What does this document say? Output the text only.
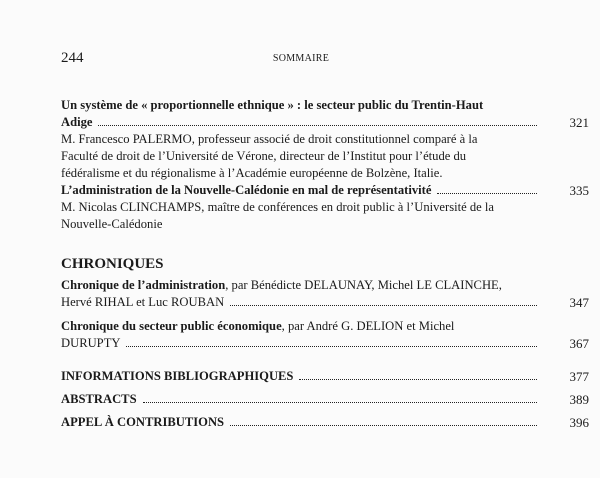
244	SOMMAIRE
Un système de « proportionnelle ethnique » : le secteur public du Trentin-Haut
Adige	321
M. Francesco PALERMO, professeur associé de droit constitutionnel comparé à la
Faculté de droit de l’Université de Vérone, directeur de l’Institut pour l’étude du
fédéralisme et du régionalisme à l’Académie européenne de Bolzène, Italie.
L’administration de la Nouvelle-Calédonie en mal de représentativité	335
M. Nicolas CLINCHAMPS, maître de conférences en droit public à l’Université de la
Nouvelle-Calédonie
CHRONIQUES
Chronique de l’administration, par Bénédicte DELAUNAY, Michel LE CLAINCHE,
Hervé RIHAL et Luc ROUBAN	347
Chronique du secteur public économique, par André G. DELION et Michel
DURUPTY	367
INFORMATIONS BIBLIOGRAPHIQUES	377
ABSTRACTS	389
APPEL À CONTRIBUTIONS	396
